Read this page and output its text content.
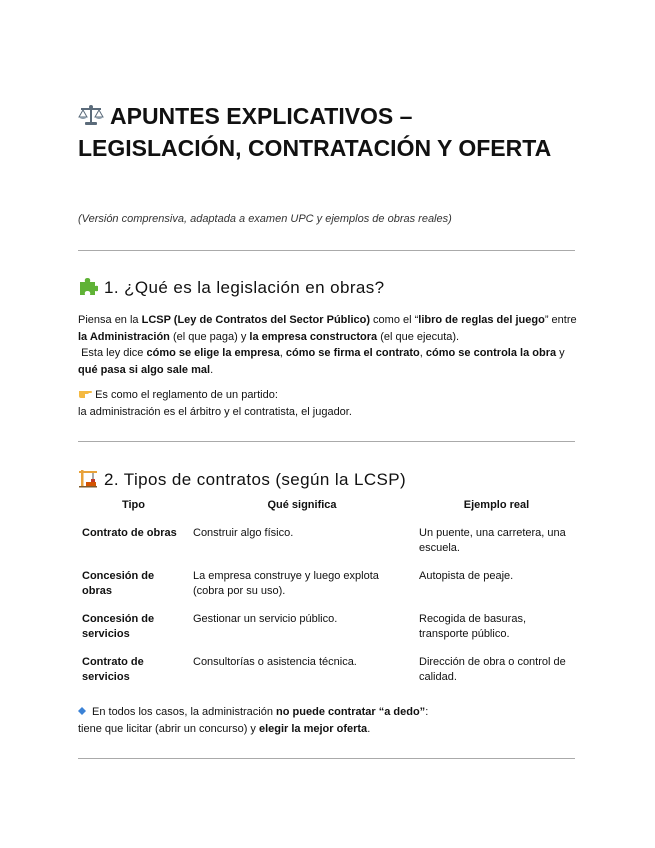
APUNTES EXPLICATIVOS – LEGISLACIÓN, CONTRATACIÓN Y OFERTA
(Versión comprensiva, adaptada a examen UPC y ejemplos de obras reales)
1. ¿Qué es la legislación en obras?
Piensa en la LCSP (Ley de Contratos del Sector Público) como el “libro de reglas del juego” entre la Administración (el que paga) y la empresa constructora (el que ejecuta).
Esta ley dice cómo se elige la empresa, cómo se firma el contrato, cómo se controla la obra y qué pasa si algo sale mal.
Es como el reglamento de un partido:
la administración es el árbitro y el contratista, el jugador.
2. Tipos de contratos (según la LCSP)
Tipo	Qué significa	Ejemplo real
Contrato de obras	Construir algo físico.	Un puente, una carretera, una escuela.
Concesión de obras	La empresa construye y luego explota (cobra por su uso).	Autopista de peaje.
Concesión de servicios	Gestionar un servicio público.	Recogida de basuras, transporte público.
Contrato de servicios	Consultorías o asistencia técnica.	Dirección de obra o control de calidad.
En todos los casos, la administración no puede contratar “a dedo”:
tiene que licitar (abrir un concurso) y elegir la mejor oferta.
